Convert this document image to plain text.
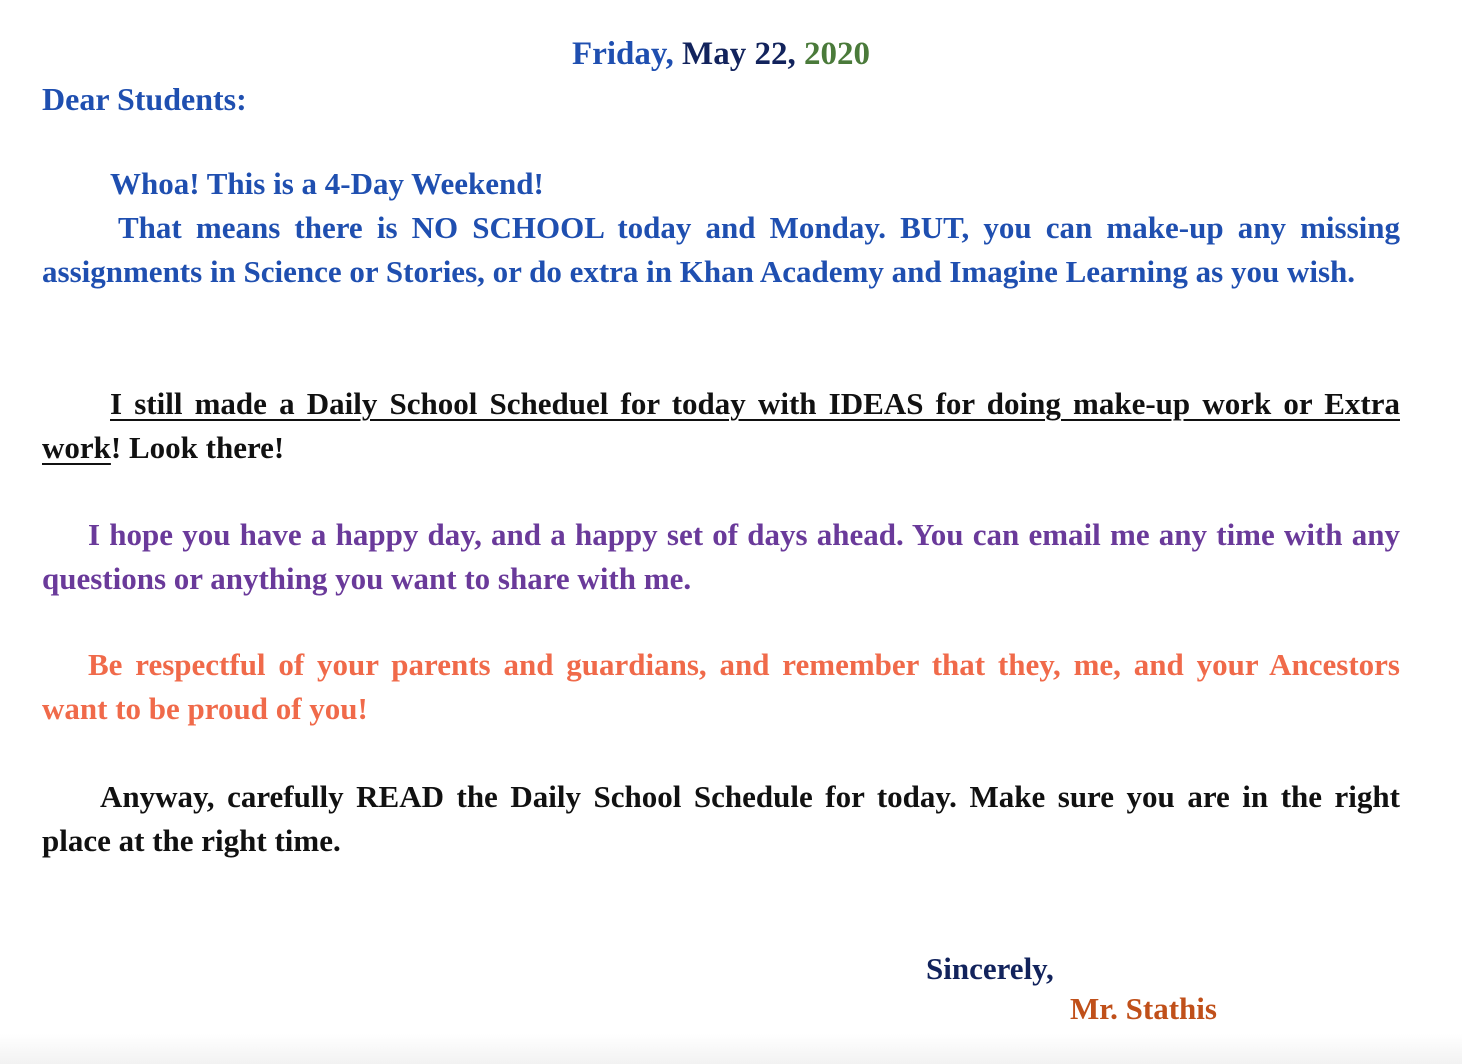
Friday, May 22, 2020
Dear Students:
Whoa! This is a 4-Day Weekend!

That means there is NO SCHOOL today and Monday. BUT, you can make-up any missing assignments in Science or Stories, or do extra in Khan Academy and Imagine Learning as you wish.

I still made a Daily School Scheduel for today with IDEAS for doing make-up work or Extra work! Look there!

I hope you have a happy day, and a happy set of days ahead. You can email me any time with any questions or anything you want to share with me.

Be respectful of your parents and guardians, and remember that they, me, and your Ancestors want to be proud of you!

Anyway, carefully READ the Daily School Schedule for today. Make sure you are in the right place at the right time.

Sincerely,
Mr. Stathis
